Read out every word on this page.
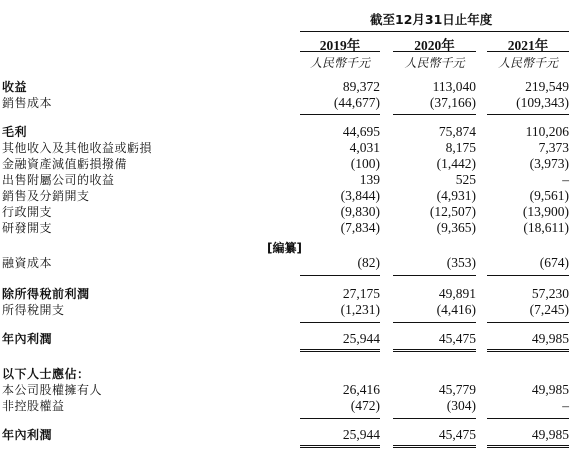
截至12月31日止年度
2019年	2020年	2021年
人民幣千元	人民幣千元	人民幣千元
收益	89,372	113,040	219,549
銷售成本	(44,677)	(37,166)	(109,343)
毛利	44,695	75,874	110,206
其他收入及其他收益或虧損	4,031	8,175	7,373
金融資產減值虧損撥備	(100)	(1,442)	(3,973)
出售附屬公司的收益	139	525	–
銷售及分銷開支	(3,844)	(4,931)	(9,561)
行政開支	(9,830)	(12,507)	(13,900)
研發開支	(7,834)	(9,365)	(18,611)
[編纂]
融資成本	(82)	(353)	(674)
除所得稅前利潤	27,175	49,891	57,230
所得稅開支	(1,231)	(4,416)	(7,245)
年內利潤	25,944	45,475	49,985
以下人士應佔：
本公司股權擁有人	26,416	45,779	49,985
非控股權益	(472)	(304)	–
年內利潤	25,944	45,475	49,985
